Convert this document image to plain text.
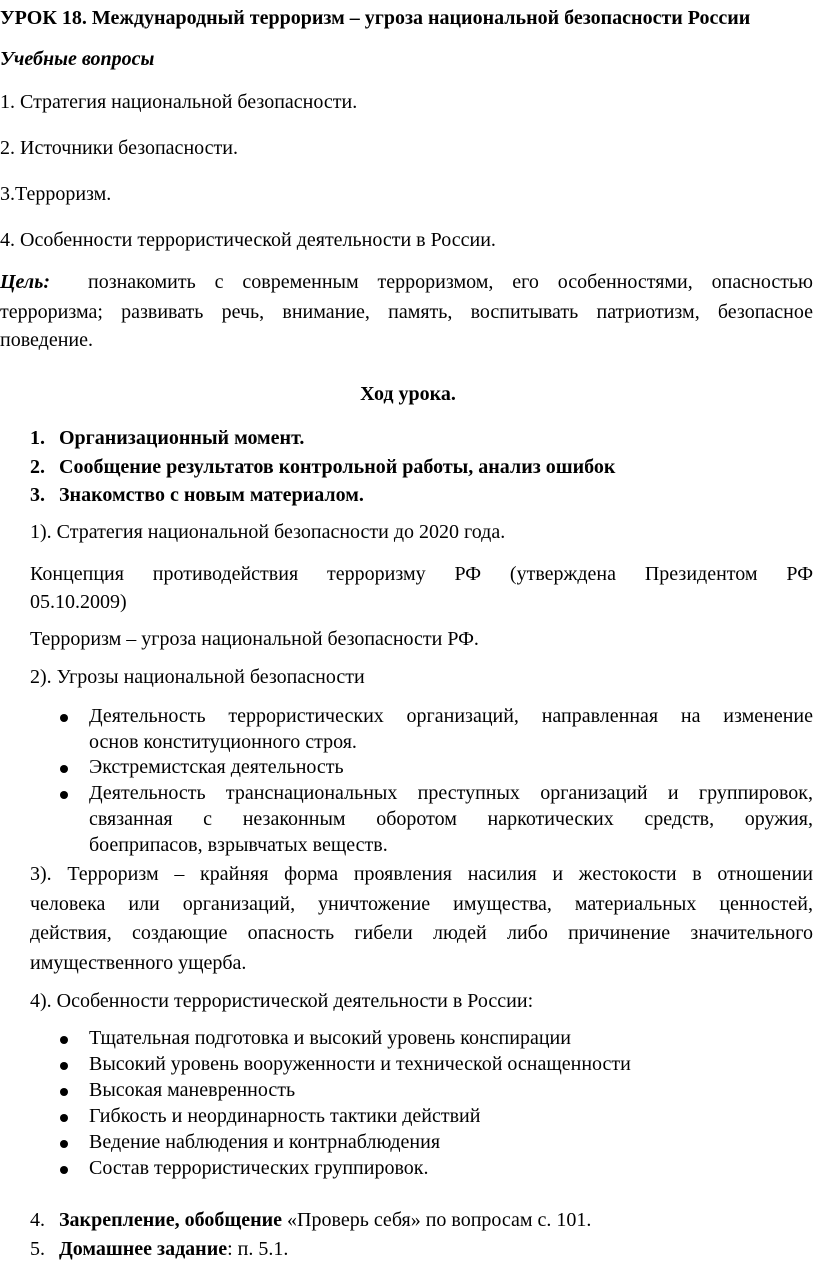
УРОК 18. Международный терроризм – угроза национальной безопасности России
Учебные вопросы
1. Стратегия национальной безопасности.
2. Источники безопасности.
3.Терроризм.
4. Особенности террористической деятельности в России.
Цель: познакомить с современным терроризмом, его особенностями, опасностью
терроризма; развивать речь, внимание, память, воспитывать патриотизм, безопасное
поведение.
Ход урока.
1. Организационный момент.
2. Сообщение результатов контрольной работы, анализ ошибок
3. Знакомство с новым материалом.
1). Стратегия национальной безопасности до 2020 года.
Концепция противодействия терроризму РФ (утверждена Президентом РФ
05.10.2009)
Терроризм – угроза национальной безопасности РФ.
2). Угрозы национальной безопасности
Деятельность террористических организаций, направленная на изменение
основ конституционного строя.
Экстремистская деятельность
Деятельность транснациональных преступных организаций и группировок,
связанная с незаконным оборотом наркотических средств, оружия,
боеприпасов, взрывчатых веществ.
3). Терроризм – крайняя форма проявления насилия и жестокости в отношении
человека или организаций, уничтожение имущества, материальных ценностей,
действия, создающие опасность гибели людей либо причинение значительного
имущественного ущерба.
4). Особенности террористической деятельности в России:
Тщательная подготовка и высокий уровень конспирации
Высокий уровень вооруженности и технической оснащенности
Высокая маневренность
Гибкость и неординарность тактики действий
Ведение наблюдения и контрнаблюдения
Состав террористических группировок.
4. Закрепление, обобщение «Проверь себя» по вопросам с. 101.
5. Домашнее задание: п. 5.1.
